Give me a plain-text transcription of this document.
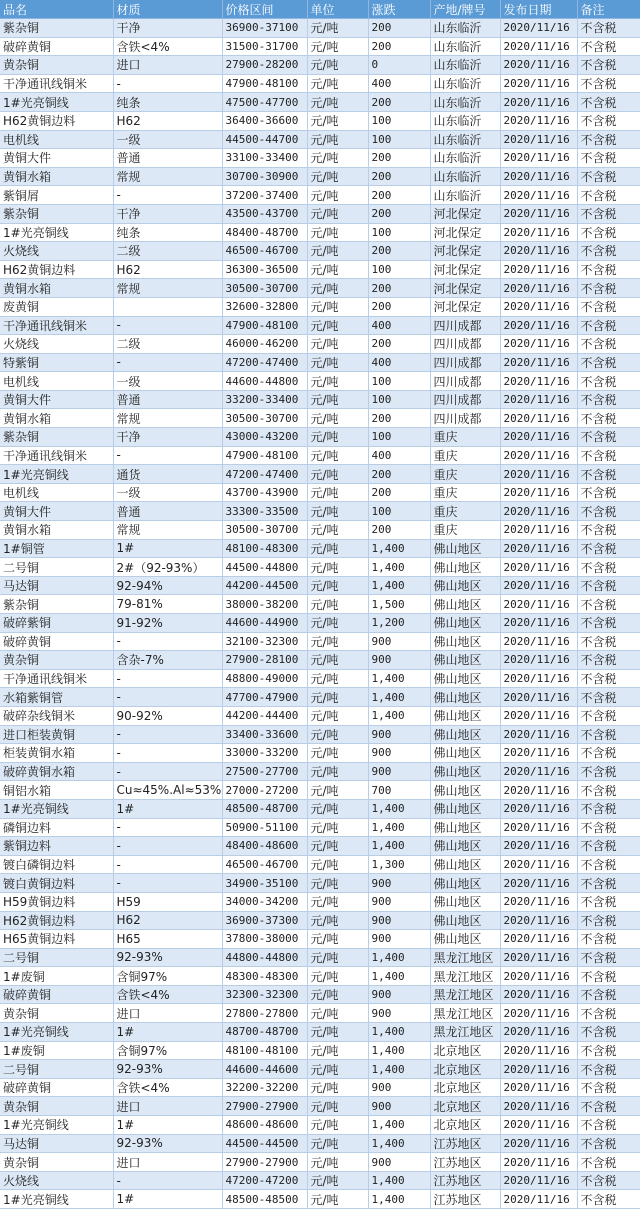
品名	材质	价格区间	单位	涨跌	产地/牌号	发布日期	备注
紫杂铜	干净	36900-37100	元/吨	200	山东临沂	2020/11/16	不含税
破碎黄铜	含铁<4%	31500-31700	元/吨	200	山东临沂	2020/11/16	不含税
黄杂铜	进口	27900-28200	元/吨	0	山东临沂	2020/11/16	不含税
干净通讯线铜米	-	47900-48100	元/吨	400	山东临沂	2020/11/16	不含税
1#光亮铜线	纯条	47500-47700	元/吨	200	山东临沂	2020/11/16	不含税
H62黄铜边料	H62	36400-36600	元/吨	100	山东临沂	2020/11/16	不含税
电机线	一级	44500-44700	元/吨	100	山东临沂	2020/11/16	不含税
黄铜大件	普通	33100-33400	元/吨	200	山东临沂	2020/11/16	不含税
黄铜水箱	常规	30700-30900	元/吨	200	山东临沂	2020/11/16	不含税
紫铜屑	-	37200-37400	元/吨	200	山东临沂	2020/11/16	不含税
紫杂铜	干净	43500-43700	元/吨	200	河北保定	2020/11/16	不含税
1#光亮铜线	纯条	48400-48700	元/吨	100	河北保定	2020/11/16	不含税
火烧线	二级	46500-46700	元/吨	200	河北保定	2020/11/16	不含税
H62黄铜边料	H62	36300-36500	元/吨	100	河北保定	2020/11/16	不含税
黄铜水箱	常规	30500-30700	元/吨	200	河北保定	2020/11/16	不含税
废黄铜		32600-32800	元/吨	200	河北保定	2020/11/16	不含税
干净通讯线铜米	-	47900-48100	元/吨	400	四川成都	2020/11/16	不含税
火烧线	二级	46000-46200	元/吨	200	四川成都	2020/11/16	不含税
特紫铜	-	47200-47400	元/吨	400	四川成都	2020/11/16	不含税
电机线	一级	44600-44800	元/吨	100	四川成都	2020/11/16	不含税
黄铜大件	普通	33200-33400	元/吨	100	四川成都	2020/11/16	不含税
黄铜水箱	常规	30500-30700	元/吨	200	四川成都	2020/11/16	不含税
紫杂铜	干净	43000-43200	元/吨	100	重庆	2020/11/16	不含税
干净通讯线铜米	-	47900-48100	元/吨	400	重庆	2020/11/16	不含税
1#光亮铜线	通货	47200-47400	元/吨	200	重庆	2020/11/16	不含税
电机线	一级	43700-43900	元/吨	200	重庆	2020/11/16	不含税
黄铜大件	普通	33300-33500	元/吨	100	重庆	2020/11/16	不含税
黄铜水箱	常规	30500-30700	元/吨	200	重庆	2020/11/16	不含税
1#铜管	1#	48100-48300	元/吨	1,400	佛山地区	2020/11/16	不含税
二号铜	2#（92-93%）	44500-44800	元/吨	1,400	佛山地区	2020/11/16	不含税
马达铜	92-94%	44200-44500	元/吨	1,400	佛山地区	2020/11/16	不含税
紫杂铜	79-81%	38000-38200	元/吨	1,500	佛山地区	2020/11/16	不含税
破碎紫铜	91-92%	44600-44900	元/吨	1,200	佛山地区	2020/11/16	不含税
破碎黄铜	-	32100-32300	元/吨	900	佛山地区	2020/11/16	不含税
黄杂铜	含杂-7%	27900-28100	元/吨	900	佛山地区	2020/11/16	不含税
干净通讯线铜米	-	48800-49000	元/吨	1,400	佛山地区	2020/11/16	不含税
水箱紫铜管	-	47700-47900	元/吨	1,400	佛山地区	2020/11/16	不含税
破碎杂线铜米	90-92%	44200-44400	元/吨	1,400	佛山地区	2020/11/16	不含税
进口柜装黄铜	-	33400-33600	元/吨	900	佛山地区	2020/11/16	不含税
柜装黄铜水箱	-	33000-33200	元/吨	900	佛山地区	2020/11/16	不含税
破碎黄铜水箱	-	27500-27700	元/吨	900	佛山地区	2020/11/16	不含税
铜铝水箱	Cu≈45%.Al≈53%	27000-27200	元/吨	700	佛山地区	2020/11/16	不含税
1#光亮铜线	1#	48500-48700	元/吨	1,400	佛山地区	2020/11/16	不含税
磷铜边料	-	50900-51100	元/吨	1,400	佛山地区	2020/11/16	不含税
紫铜边料	-	48400-48600	元/吨	1,400	佛山地区	2020/11/16	不含税
镀白磷铜边料	-	46500-46700	元/吨	1,300	佛山地区	2020/11/16	不含税
镀白黄铜边料	-	34900-35100	元/吨	900	佛山地区	2020/11/16	不含税
H59黄铜边料	H59	34000-34200	元/吨	900	佛山地区	2020/11/16	不含税
H62黄铜边料	H62	36900-37300	元/吨	900	佛山地区	2020/11/16	不含税
H65黄铜边料	H65	37800-38000	元/吨	900	佛山地区	2020/11/16	不含税
二号铜	92-93%	44800-44800	元/吨	1,400	黑龙江地区	2020/11/16	不含税
1#废铜	含铜97%	48300-48300	元/吨	1,400	黑龙江地区	2020/11/16	不含税
破碎黄铜	含铁<4%	32300-32300	元/吨	900	黑龙江地区	2020/11/16	不含税
黄杂铜	进口	27800-27800	元/吨	900	黑龙江地区	2020/11/16	不含税
1#光亮铜线	1#	48700-48700	元/吨	1,400	黑龙江地区	2020/11/16	不含税
1#废铜	含铜97%	48100-48100	元/吨	1,400	北京地区	2020/11/16	不含税
二号铜	92-93%	44600-44600	元/吨	1,400	北京地区	2020/11/16	不含税
破碎黄铜	含铁<4%	32200-32200	元/吨	900	北京地区	2020/11/16	不含税
黄杂铜	进口	27900-27900	元/吨	900	北京地区	2020/11/16	不含税
1#光亮铜线	1#	48600-48600	元/吨	1,400	北京地区	2020/11/16	不含税
马达铜	92-93%	44500-44500	元/吨	1,400	江苏地区	2020/11/16	不含税
黄杂铜	进口	27900-27900	元/吨	900	江苏地区	2020/11/16	不含税
火烧线	-	47200-47200	元/吨	1,400	江苏地区	2020/11/16	不含税
1#光亮铜线	1#	48500-48500	元/吨	1,400	江苏地区	2020/11/16	不含税
